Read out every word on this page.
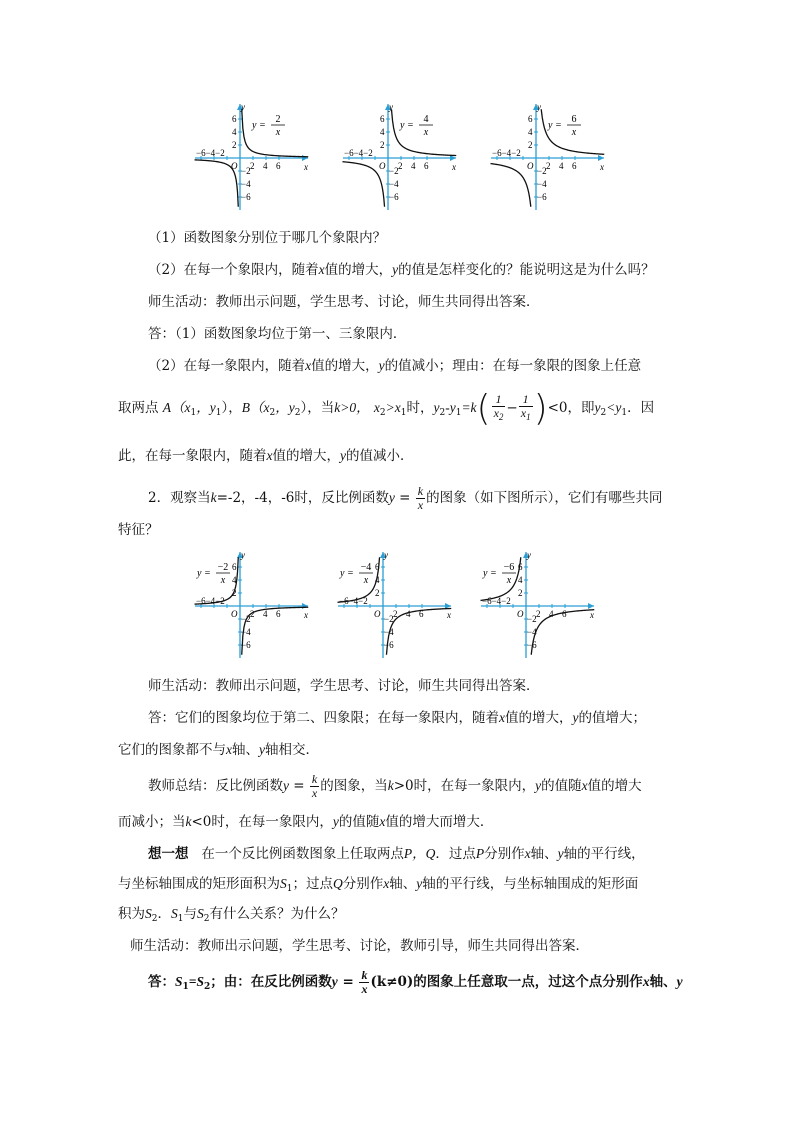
y
x
O
−6−4−2
2 4 6
6
4
2
−2
−4
−6
y =
2
x
y
x
O
−6−4−2
2 4 6
6
4
2
−2
−4
−6
y =
4
x
y
x
O
−6−4−2
2 4 6
6
4
2
−2
−4
−6
y =
6
x
（1）函数图象分别位于哪几个象限内？
（2）在每一个象限内，随着x值的增大，y的值是怎样变化的？能说明这是为什么吗？
师生活动：教师出示问题，学生思考、讨论，师生共同得出答案．
答：（1）函数图象均位于第一、三象限内．
（2）在每一象限内，随着x值的增大，y的值减小；理由：在每一象限的图象上任意
取两点 $A(x_1$，$y_1$），$B(x_2$，$y_2$），当k>0， $x_2>x_1$时，$y_2-y_1=k( \frac{1}{x_2} - \frac{1}{x_1} )<0$，即$y_2<y_1$．因
此，在每一象限内，随着x值的增大，y的值减小．
2．观察当k=-2，-4，-6时，反比例函数$y = \frac{k}{x}$ 的图象（如下图所示），它们有哪些共同
特征？
y
x
O
−6−4−2
2 4 6
6
4
2
−2
−4
−6
y =
−2
x
y
x
O
−6−4−2
2 4 6
6
4
2
−2
−4
−6
y =
−4
x
y
x
O
−6−4−2
2 4 6
6
4
2
−2
−4
−6
y =
−6
x
师生活动：教师出示问题，学生思考、讨论，师生共同得出答案．
答：它们的图象均位于第二、四象限；在每一象限内，随着x值的增大，y的值增大；
它们的图象都不与x轴、y轴相交．
教师总结：反比例函数$y = \frac{k}{x}$ 的图象，当k>0时，在每一象限内，y的值随x值的增大
而减小；当k<0时，在每一象限内，y的值随x值的增大而增大．
想一想 在一个反比例函数图象上任取两点P，Q．过点P分别作x轴、y轴的平行线，
与坐标轴围成的矩形面积为$S_1$；过点Q分别作x轴、y轴的平行线，与坐标轴围成的矩形面
积为$S_2$．$S_1$与$S_2$有什么关系？为什么？
师生活动：教师出示问题，学生思考、讨论，教师引导，师生共同得出答案．
答：$S_1=S_2$；由：在反比例函数$y = \frac{k}{x} (k\ne 0)$的图象上任意取一点，过这个点分别作x轴、y
